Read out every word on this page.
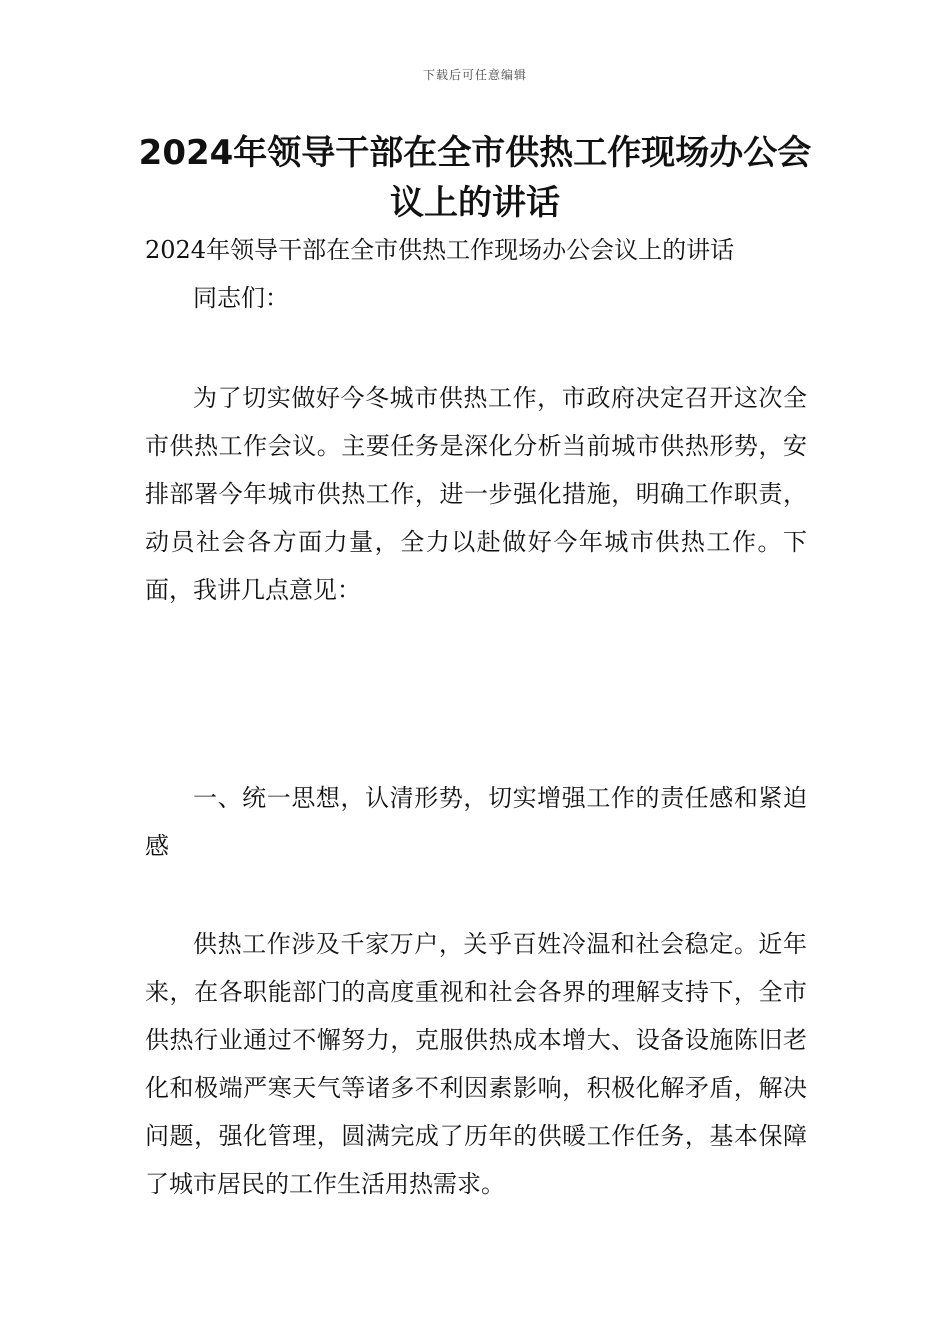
下载后可任意编辑
2024年领导干部在全市供热工作现场办公会议上的讲话

2024年领导干部在全市供热工作现场办公会议上的讲话

同志们：

为了切实做好今冬城市供热工作，市政府决定召开这次全市供热工作会议。主要任务是深化分析当前城市供热形势，安排部署今年城市供热工作，进一步强化措施，明确工作职责，动员社会各方面力量，全力以赴做好今年城市供热工作。下面，我讲几点意见：

一、统一思想，认清形势，切实增强工作的责任感和紧迫感

供热工作涉及千家万户，关乎百姓冷温和社会稳定。近年来，在各职能部门的高度重视和社会各界的理解支持下，全市供热行业通过不懈努力，克服供热成本增大、设备设施陈旧老化和极端严寒天气等诸多不利因素影响，积极化解矛盾，解决问题，强化管理，圆满完成了历年的供暖工作任务，基本保障了城市居民的工作生活用热需求。
